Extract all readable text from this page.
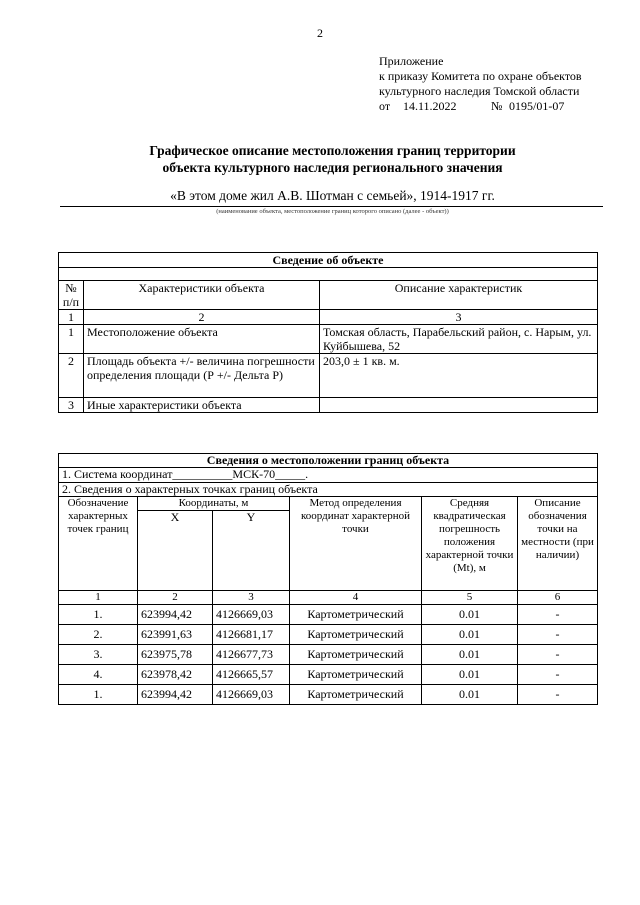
2
Приложение
к приказу Комитета по охране объектов
культурного наследия Томской области
от 14.11.2022	№ 0195/01-07
Графическое описание местоположения границ территории
объекта культурного наследия регионального значения
«В этом доме жил А.В. Шотман с семьей», 1914-1917 гг.
(наименование объекта, местоположение границ которого описано (далее - объект))
Сведение об объекте		

№ п/п	Характеристики объекта	Описание характеристик
1	2	3
1	Местоположение объекта	Томская область, Парабельский район, с. Нарым, ул. Куйбышева, 52
2	Площадь объекта +/- величина погрешности определения площади (Р +/- Дельта Р)	203,0 ± 1 кв. м.
3	Иные характеристики объекта	
Сведения о местоположении границ объекта					
1. Система координат__________МСК-70_____.					
2. Сведения о характерных точках границ объекта					
Обозначение характерных точек границ	Координаты, м		Метод определения координат характерной точки	Средняя квадратическая погрешность положения характерной точки (Mt), м	Описание обозначения точки на местности (при наличии)
	X	Y			
1	2	3	4	5	6
1.	623994,42	4126669,03	Картометрический	0.01	-
2.	623991,63	4126681,17	Картометрический	0.01	-
3.	623975,78	4126677,73	Картометрический	0.01	-
4.	623978,42	4126665,57	Картометрический	0.01	-
1.	623994,42	4126669,03	Картометрический	0.01	-
